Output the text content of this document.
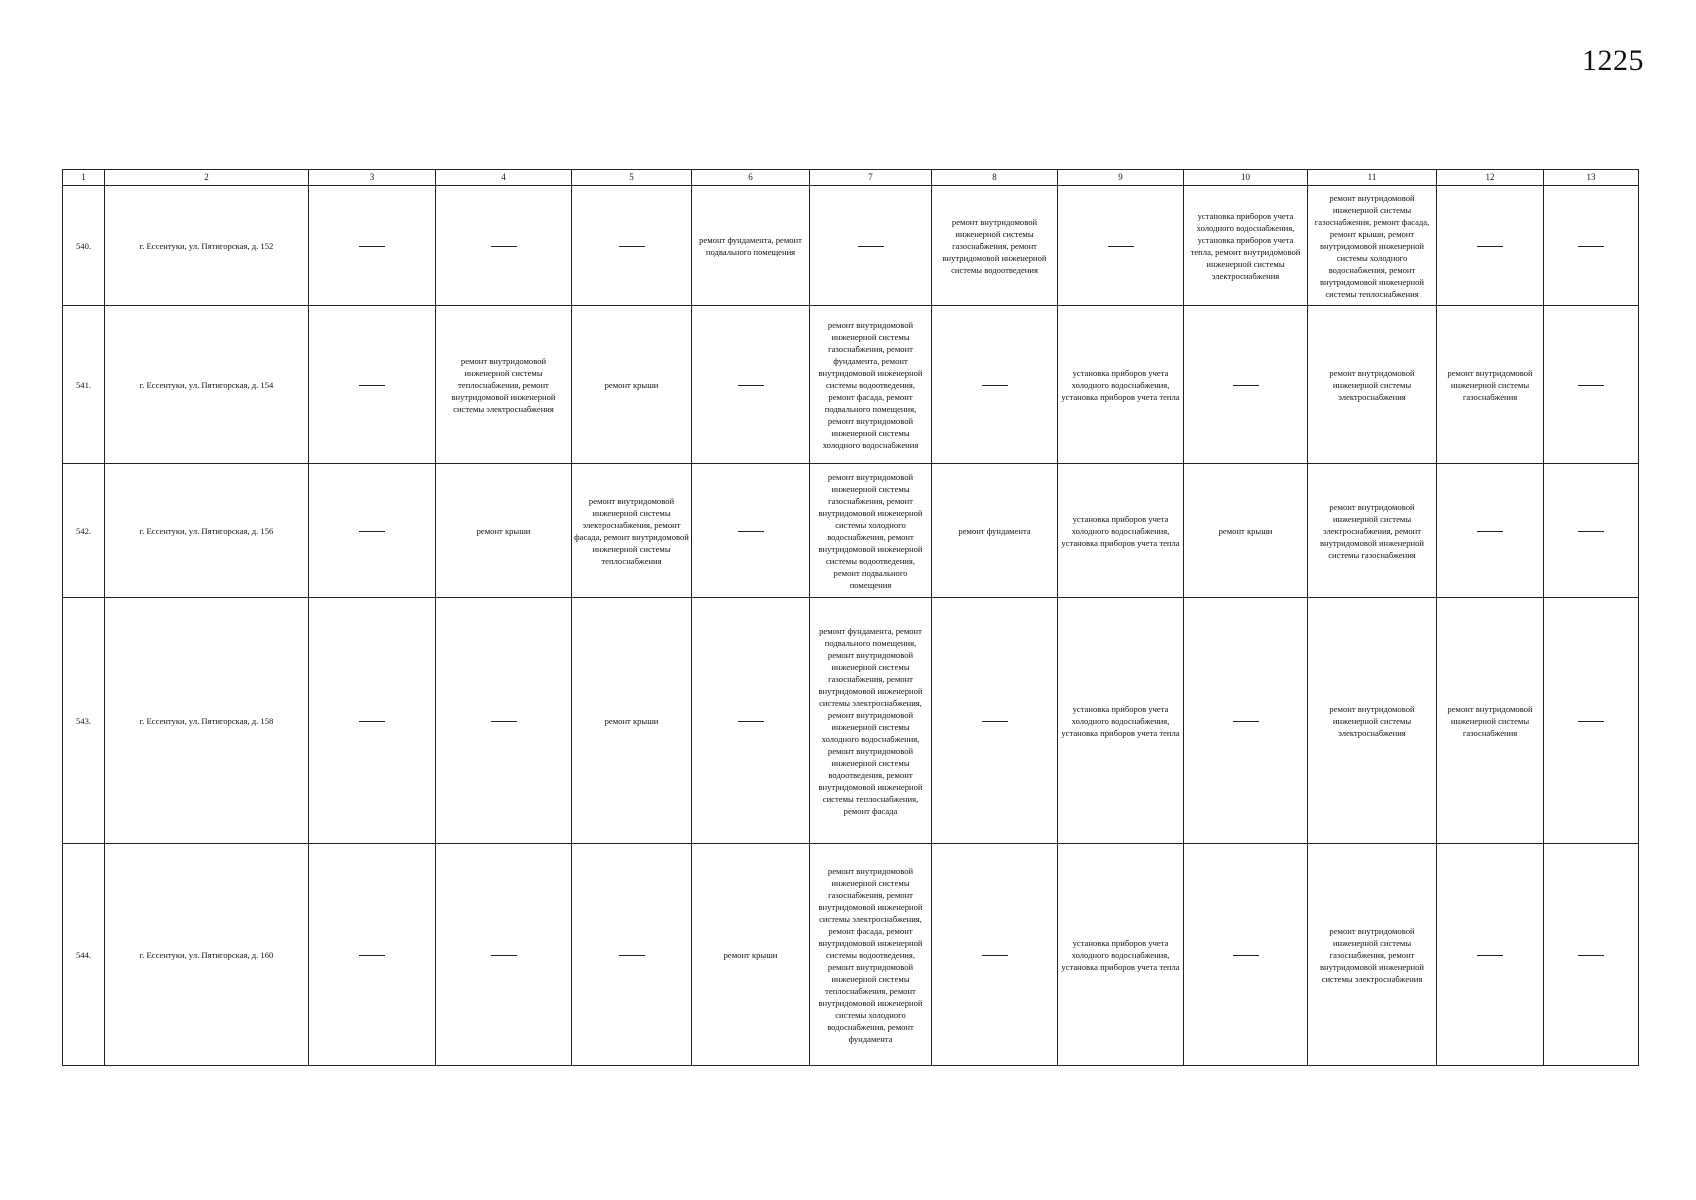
1225
1	2	3	4	5	6	7	8	9	10	11	12	13
540.	г. Ессентуки, ул. Пятигорская, д. 152				ремонт фундамента, ремонт подвального помещения		ремонт внутридомовой инженерной системы газоснабжения, ремонт внутридомовой инженерной системы водоотведения		установка приборов учета холодного водоснабжения, установка приборов учета тепла, ремонт внутридомовой инженерной системы электроснабжения	ремонт внутридомовой инженерной системы газоснабжения, ремонт фасада, ремонт крыши, ремонт внутридомовой инженерной системы холодного водоснабжения, ремонт внутридомовой инженерной системы теплоснабжения		
541.	г. Ессентуки, ул. Пятигорская, д. 154		ремонт внутридомовой инженерной системы теплоснабжения, ремонт внутридомовой инженерной системы электроснабжения	ремонт крыши		ремонт внутридомовой инженерной системы газоснабжения, ремонт фундамента, ремонт внутридомовой инженерной системы водоотведения, ремонт фасада, ремонт подвального помещения, ремонт внутридомовой инженерной системы холодного водоснабжения		установка приборов учета холодного водоснабжения, установка приборов учета тепла		ремонт внутридомовой инженерной системы электроснабжения	ремонт внутридомовой инженерной системы газоснабжения	
542.	г. Ессентуки, ул. Пятигорская, д. 156		ремонт крыши	ремонт внутридомовой инженерной системы электроснабжения, ремонт фасада, ремонт внутридомовой инженерной системы теплоснабжения		ремонт внутридомовой инженерной системы газоснабжения, ремонт внутридомовой инженерной системы холодного водоснабжения, ремонт внутридомовой инженерной системы водоотведения, ремонт подвального помещения	ремонт фундамента	установка приборов учета холодного водоснабжения, установка приборов учета тепла	ремонт крыши	ремонт внутридомовой инженерной системы электроснабжения, ремонт внутридомовой инженерной системы газоснабжения		
543.	г. Ессентуки, ул. Пятигорская, д. 158			ремонт крыши		ремонт фундамента, ремонт подвального помещения, ремонт внутридомовой инженерной системы газоснабжения, ремонт внутридомовой инженерной системы электроснабжения, ремонт внутридомовой инженерной системы холодного водоснабжения, ремонт внутридомовой инженерной системы водоотведения, ремонт внутридомовой инженерной системы теплоснабжения, ремонт фасада		установка приборов учета холодного водоснабжения, установка приборов учета тепла		ремонт внутридомовой инженерной системы электроснабжения	ремонт внутридомовой инженерной системы газоснабжения	
544.	г. Ессентуки, ул. Пятигорская, д. 160				ремонт крыши	ремонт внутридомовой инженерной системы газоснабжения, ремонт внутридомовой инженерной системы электроснабжения, ремонт фасада, ремонт внутридомовой инженерной системы водоотведения, ремонт внутридомовой инженерной системы теплоснабжения, ремонт внутридомовой инженерной системы холодного водоснабжения, ремонт фундамента		установка приборов учета холодного водоснабжения, установка приборов учета тепла		ремонт внутридомовой инженерной системы газоснабжения, ремонт внутридомовой инженерной системы электроснабжения		
